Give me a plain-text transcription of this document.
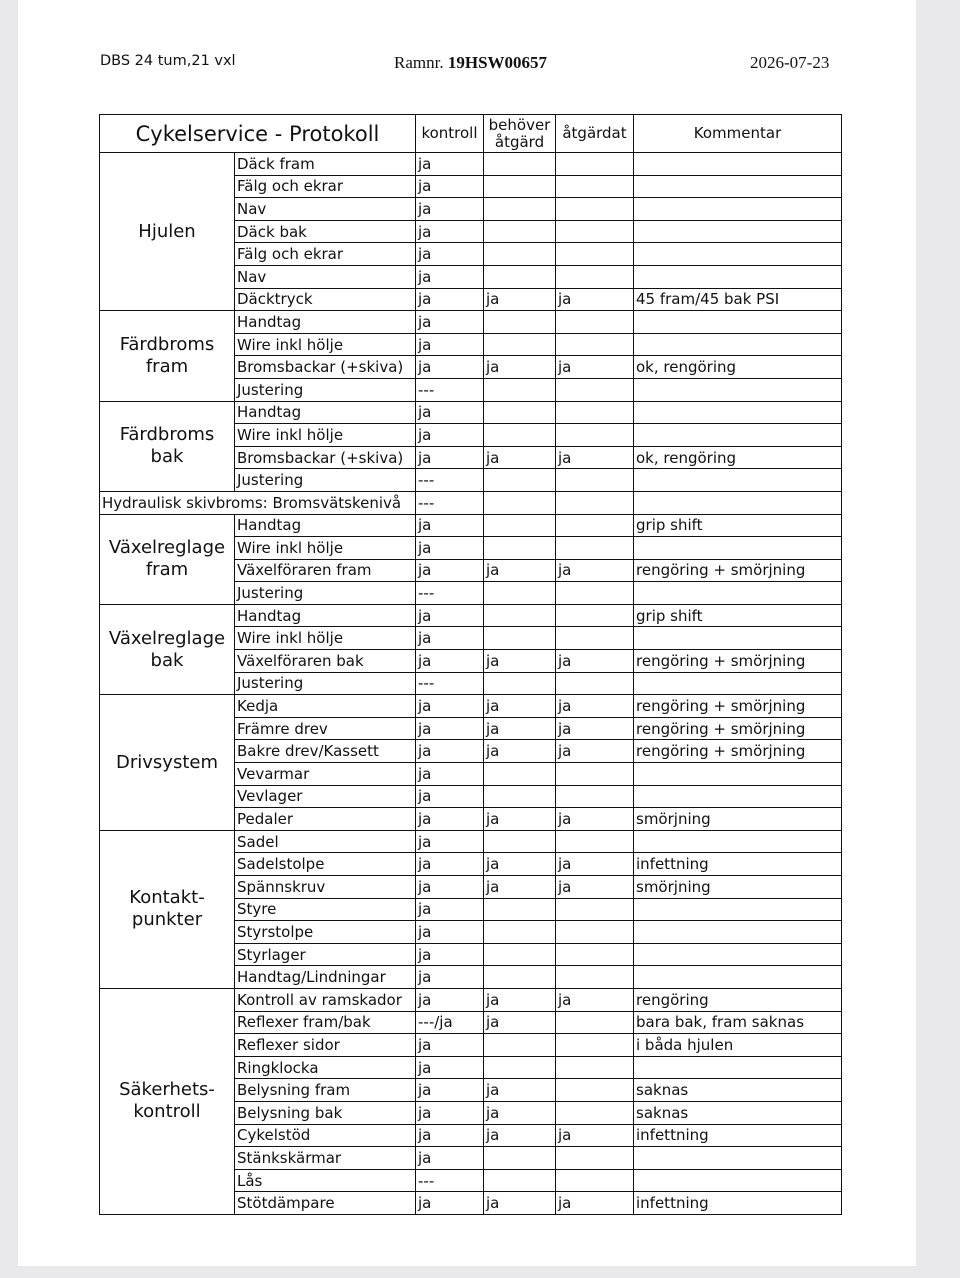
DBS 24 tum,21 vxl	Ramnr. 19HSW00657	2026-07-23
Cykelservice - Protokoll		kontroll	behöver åtgärd	åtgärdat	Kommentar
Hjulen	Däck fram	ja			
	Fälg och ekrar	ja			
	Nav	ja			
	Däck bak	ja			
	Fälg och ekrar	ja			
	Nav	ja			
	Däcktryck	ja	ja	ja	45 fram/45 bak PSI
Färdbroms fram	Handtag	ja			
	Wire inkl hölje	ja			
	Bromsbackar (+skiva)	ja	ja	ja	ok, rengöring
	Justering	---			
Färdbroms bak	Handtag	ja			
	Wire inkl hölje	ja			
	Bromsbackar (+skiva)	ja	ja	ja	ok, rengöring
	Justering	---			
Hydraulisk skivbroms: Bromsvätskenivå		---			
Växelreglage fram	Handtag	ja			grip shift
	Wire inkl hölje	ja			
	Växelföraren fram	ja	ja	ja	rengöring + smörjning
	Justering	---			
Växelreglage bak	Handtag	ja			grip shift
	Wire inkl hölje	ja			
	Växelföraren bak	ja	ja	ja	rengöring + smörjning
	Justering	---			
Drivsystem	Kedja	ja	ja	ja	rengöring + smörjning
	Främre drev	ja	ja	ja	rengöring + smörjning
	Bakre drev/Kassett	ja	ja	ja	rengöring + smörjning
	Vevarmar	ja			
	Vevlager	ja			
	Pedaler	ja	ja	ja	smörjning
Kontakt- punkter	Sadel	ja			
	Sadelstolpe	ja	ja	ja	infettning
	Spännskruv	ja	ja	ja	smörjning
	Styre	ja			
	Styrstolpe	ja			
	Styrlager	ja			
	Handtag/Lindningar	ja			
Säkerhets- kontroll	Kontroll av ramskador	ja	ja	ja	rengöring
	Reflexer fram/bak	---/ja	ja		bara bak, fram saknas
	Reflexer sidor	ja			i båda hjulen
	Ringklocka	ja			
	Belysning fram	ja	ja		saknas
	Belysning bak	ja	ja		saknas
	Cykelstöd	ja	ja	ja	infettning
	Stänkskärmar	ja			
	Lås	---			
	Stötdämpare	ja	ja	ja	infettning
